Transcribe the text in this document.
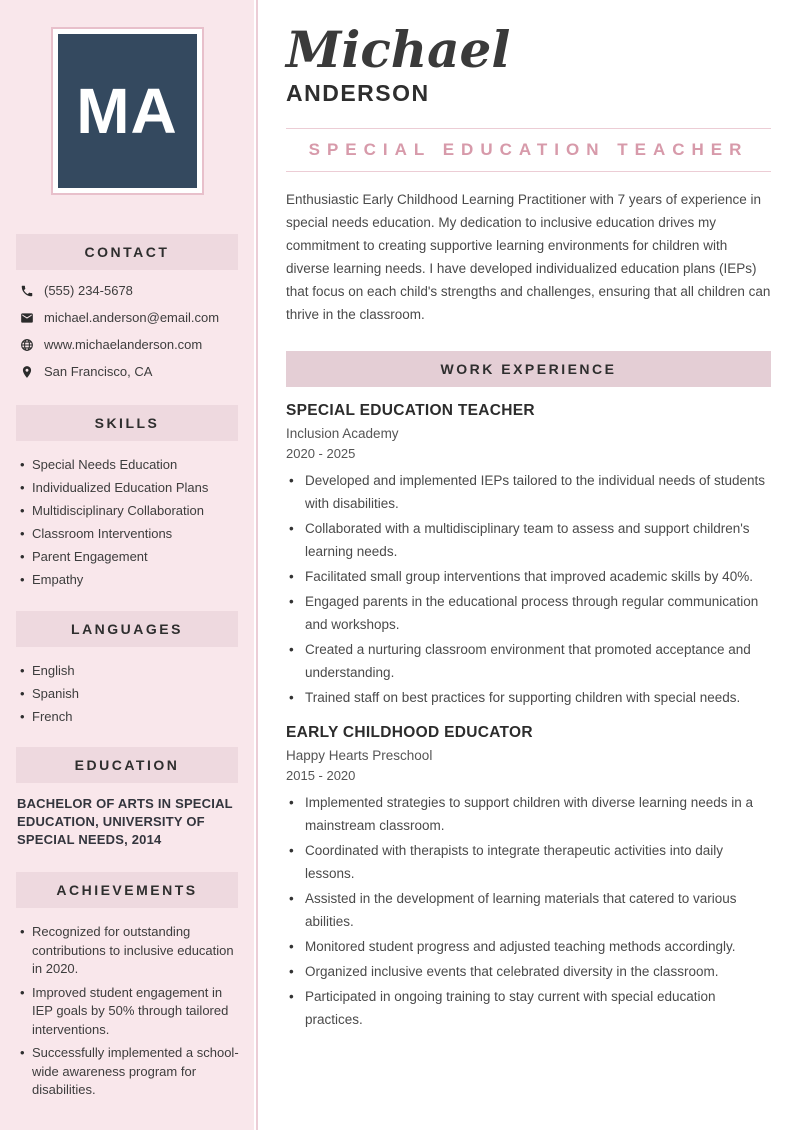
MA
CONTACT
(555) 234-5678
michael.anderson@email.com
www.michaelanderson.com
San Francisco, CA
SKILLS
• Special Needs Education
• Individualized Education Plans
• Multidisciplinary Collaboration
• Classroom Interventions
• Parent Engagement
• Empathy
LANGUAGES
• English
• Spanish
• French
EDUCATION

BACHELOR OF ARTS IN SPECIAL EDUCATION, UNIVERSITY OF SPECIAL NEEDS, 2014

ACHIEVEMENTS
• Recognized for outstanding contributions to inclusive education in 2020.
• Improved student engagement in IEP goals by 50% through tailored interventions.
• Successfully implemented a school-wide awareness program for disabilities.
Michael
ANDERSON
SPECIAL EDUCATION TEACHER

Enthusiastic Early Childhood Learning Practitioner with 7 years of experience in special needs education. My dedication to inclusive education drives my commitment to creating supportive learning environments for children with diverse learning needs. I have developed individualized education plans (IEPs) that focus on each child's strengths and challenges, ensuring that all children can thrive in the classroom.

WORK EXPERIENCE
SPECIAL EDUCATION TEACHER
Inclusion Academy
2020 - 2025
• Developed and implemented IEPs tailored to the individual needs of students with disabilities.
• Collaborated with a multidisciplinary team to assess and support children's learning needs.
• Facilitated small group interventions that improved academic skills by 40%.
• Engaged parents in the educational process through regular communication and workshops.
• Created a nurturing classroom environment that promoted acceptance and understanding.
• Trained staff on best practices for supporting children with special needs.
EARLY CHILDHOOD EDUCATOR
Happy Hearts Preschool
2015 - 2020
• Implemented strategies to support children with diverse learning needs in a mainstream classroom.
• Coordinated with therapists to integrate therapeutic activities into daily lessons.
• Assisted in the development of learning materials that catered to various abilities.
• Monitored student progress and adjusted teaching methods accordingly.
• Organized inclusive events that celebrated diversity in the classroom.
• Participated in ongoing training to stay current with special education practices.
